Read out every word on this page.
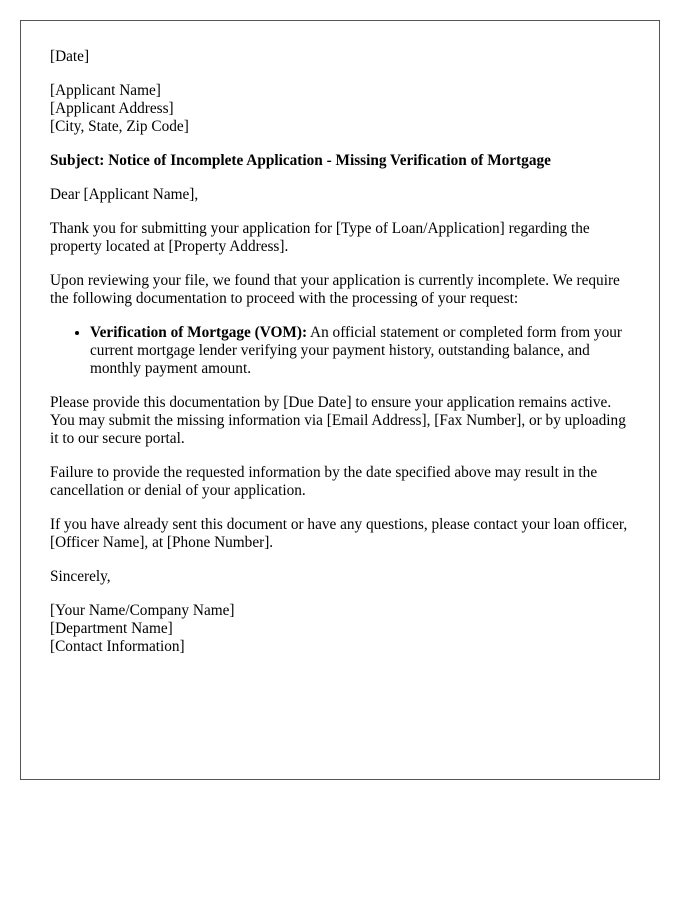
[Date]

[Applicant Name]
[Applicant Address]
[City, State, Zip Code]

Subject: Notice of Incomplete Application - Missing Verification of Mortgage

Dear [Applicant Name],

Thank you for submitting your application for [Type of Loan/Application] regarding the property located at [Property Address].

Upon reviewing your file, we found that your application is currently incomplete. We require the following documentation to proceed with the processing of your request:

• Verification of Mortgage (VOM): An official statement or completed form from your current mortgage lender verifying your payment history, outstanding balance, and monthly payment amount.

Please provide this documentation by [Due Date] to ensure your application remains active. You may submit the missing information via [Email Address], [Fax Number], or by uploading it to our secure portal.

Failure to provide the requested information by the date specified above may result in the cancellation or denial of your application.

If you have already sent this document or have any questions, please contact your loan officer, [Officer Name], at [Phone Number].

Sincerely,

[Your Name/Company Name]
[Department Name]
[Contact Information]
